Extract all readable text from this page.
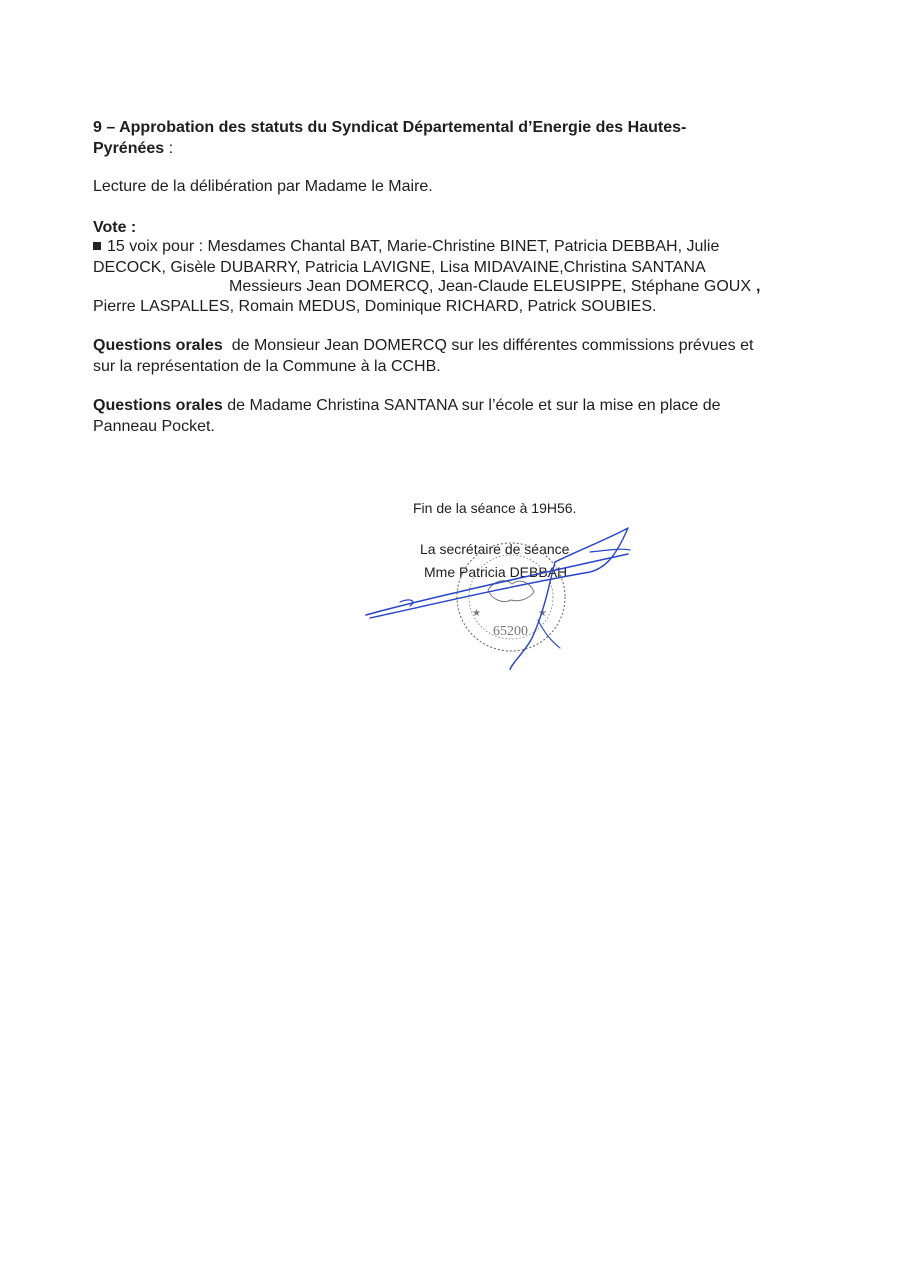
9 – Approbation des statuts du Syndicat Départemental d’Energie des Hautes-
Pyrénées :
Lecture de la délibération par Madame le Maire.
Vote :
15 voix pour : Mesdames Chantal BAT, Marie-Christine BINET, Patricia DEBBAH, Julie
DECOCK, Gisèle DUBARRY, Patricia LAVIGNE, Lisa MIDAVAINE,Christina SANTANA
Messieurs Jean DOMERCQ, Jean-Claude ELEUSIPPE, Stéphane GOUX ,
Pierre LASPALLES, Romain MEDUS, Dominique RICHARD, Patrick SOUBIES.
Questions orales  de Monsieur Jean DOMERCQ sur les différentes commissions prévues et
sur la représentation de la Commune à la CCHB.
Questions orales de Madame Christina SANTANA sur l’école et sur la mise en place de
Panneau Pocket.
Fin de la séance à 19H56.
La secrétaire de séance
Mme Patricia DEBBAH
★	★
65200
